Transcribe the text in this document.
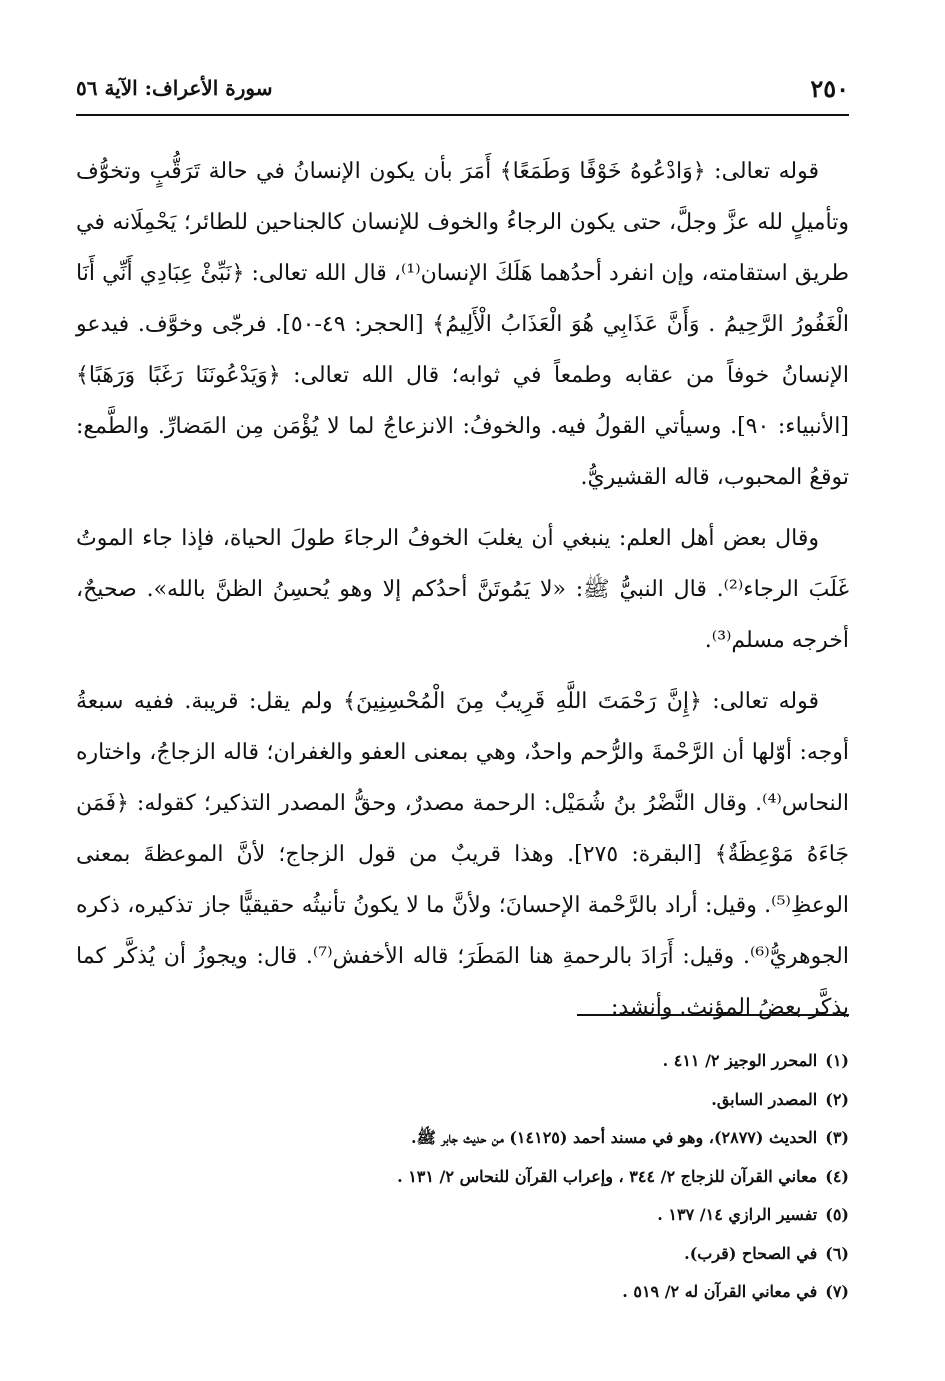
٢٥٠
سورة الأعراف: الآية ٥٦

قوله تعالى: ﴿وَادْعُوهُ خَوْفًا وَطَمَعًا﴾ أَمَرَ بأن يكون الإنسانُ في حالة تَرَقُّبٍ وتخوُّف وتأميلٍ لله عزَّ وجلَّ، حتى يكون الرجاءُ والخوف للإنسان كالجناحين للطائر؛ يَحْمِلَانه في طريق استقامته، وإن انفرد أحدُهما هَلَكَ الإنسان⁽¹⁾، قال الله تعالى: ﴿نَبِّئْ عِبَادِي أَنِّي أَنَا الْغَفُورُ الرَّحِيمُ . وَأَنَّ عَذَابِي هُوَ الْعَذَابُ الْأَلِيمُ﴾ [الحجر: ٤٩-٥٠]. فرجّى وخوَّف. فيدعو الإنسانُ خوفاً من عقابه وطمعاً في ثوابه؛ قال الله تعالى: ﴿وَيَدْعُونَنَا رَغَبًا وَرَهَبًا﴾ [الأنبياء: ٩٠]. وسيأتي القولُ فيه. والخوفُ: الانزعاجُ لما لا يُؤْمَن مِن المَضارِّ. والطَّمع: توقعُ المحبوب، قاله القشيريُّ.

وقال بعض أهل العلم: ينبغي أن يغلبَ الخوفُ الرجاءَ طولَ الحياة، فإذا جاء الموتُ غَلَبَ الرجاء⁽²⁾. قال النبيُّ ﷺ: «لا يَمُوتَنَّ أحدُكم إلا وهو يُحسِنُ الظنَّ بالله». صحيحٌ، أخرجه مسلم⁽³⁾.

قوله تعالى: ﴿إِنَّ رَحْمَتَ اللَّهِ قَرِيبٌ مِنَ الْمُحْسِنِينَ﴾ ولم يقل: قريبة. ففيه سبعةُ أوجه: أوّلها أن الرَّحْمةَ والرُّحم واحدٌ، وهي بمعنى العفو والغفران؛ قاله الزجاجُ، واختاره النحاس⁽⁴⁾. وقال النَّضْرُ بنُ شُمَيْل: الرحمة مصدرٌ، وحقُّ المصدر التذكير؛ كقوله: ﴿فَمَن جَاءَهُ مَوْعِظَةٌ﴾ [البقرة: ٢٧٥]. وهذا قريبٌ من قول الزجاج؛ لأنَّ الموعظةَ بمعنى الوعظِ⁽⁵⁾. وقيل: أراد بالرَّحْمة الإحسانَ؛ ولأنَّ ما لا يكونُ تأنيثُه حقيقيًّا جاز تذكيره، ذكره الجوهريُّ⁽⁶⁾. وقيل: أَرَادَ بالرحمةِ هنا المَطَرَ؛ قاله الأخفش⁽⁷⁾. قال: ويجوزُ أن يُذكَّر كما يذكَّر بعضُ المؤنث. وأنشد:

(١)المحرر الوجيز ٢/ ٤١١ .
(٢)المصدر السابق.
(٣)الحديث (٢٨٧٧)، وهو في مسند أحمد (١٤١٢٥) من حديث جابر ﷺ.
(٤)معاني القرآن للزجاج ٢/ ٣٤٤ ، وإعراب القرآن للنحاس ٢/ ١٣١ .
(٥)تفسير الرازي ١٤/ ١٣٧ .
(٦)في الصحاح (قرب).
(٧)في معاني القرآن له ٢/ ٥١٩ .
